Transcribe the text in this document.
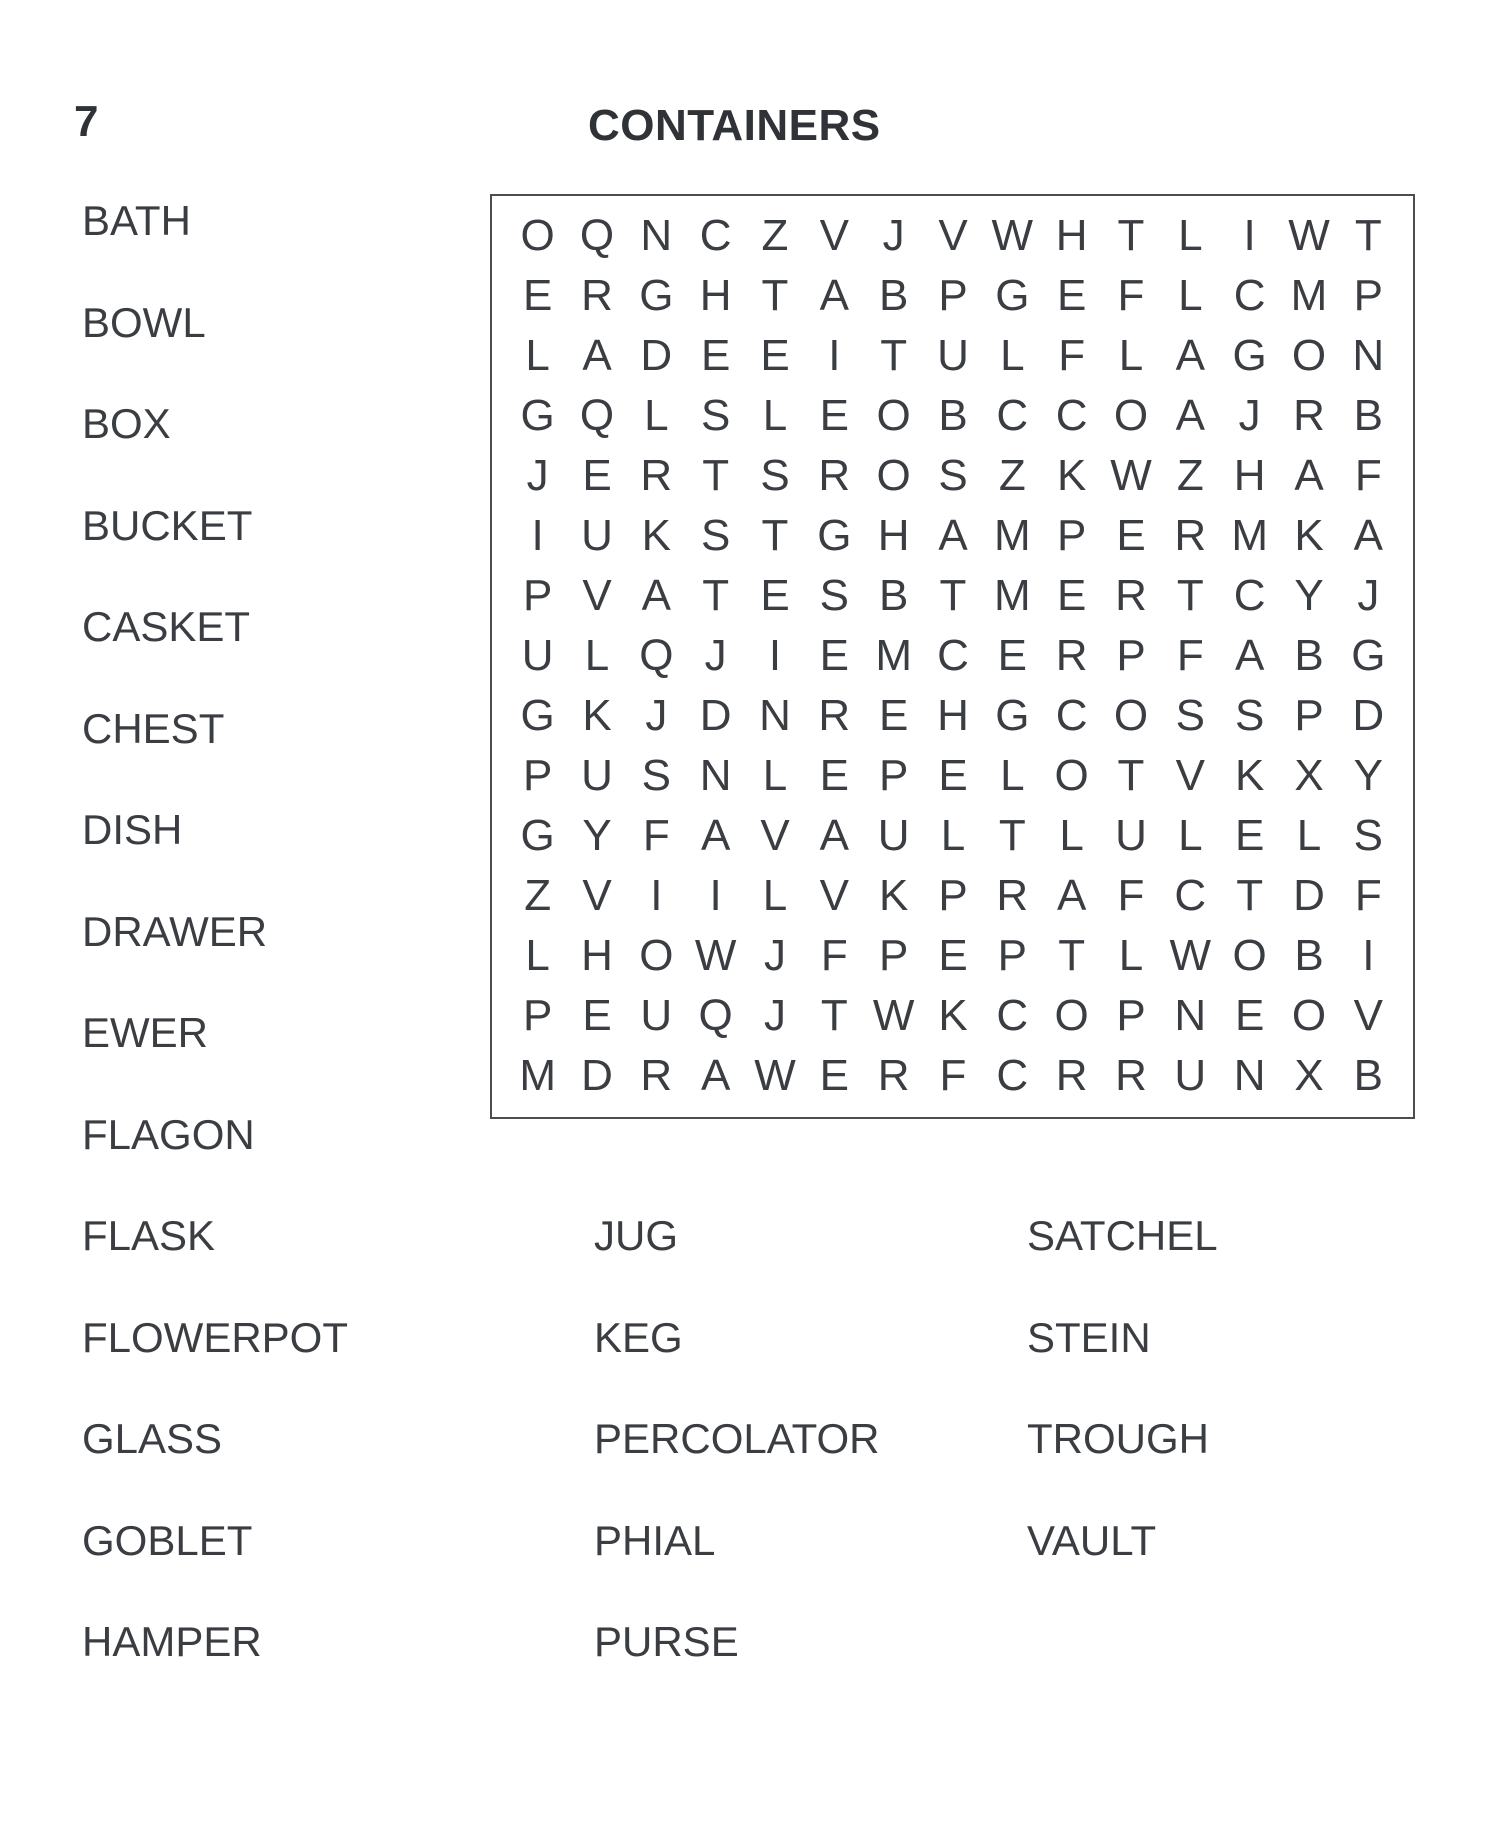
7	CONTAINERS
BATH
BOWL
BOX
BUCKET
CASKET
CHEST
DISH
DRAWER
EWER
FLAGON
FLASK
FLOWERPOT
GLASS
GOBLET
HAMPER
JUG
KEG
PERCOLATOR
PHIAL
PURSE
SATCHEL
STEIN
TROUGH
VAULT
O Q N C Z V J V W H T L I W T
E R G H T A B P G E F L C M P
L A D E E I T U L F L A G O N
G Q L S L E O B C C O A J R B
J E R T S R O S Z K W Z H A F
I U K S T G H A M P E R M K A
P V A T E S B T M E R T C Y J
U L Q J I E M C E R P F A B G
G K J D N R E H G C O S S P D
P U S N L E P E L O T V K X Y
G Y F A V A U L T L U L E L S
Z V I	I L V K P R A F C T D F
L H O W J F P E P T L W O B I
P E U Q J T W K C O P N E O V
M D R A W E R F C R R U N X B
